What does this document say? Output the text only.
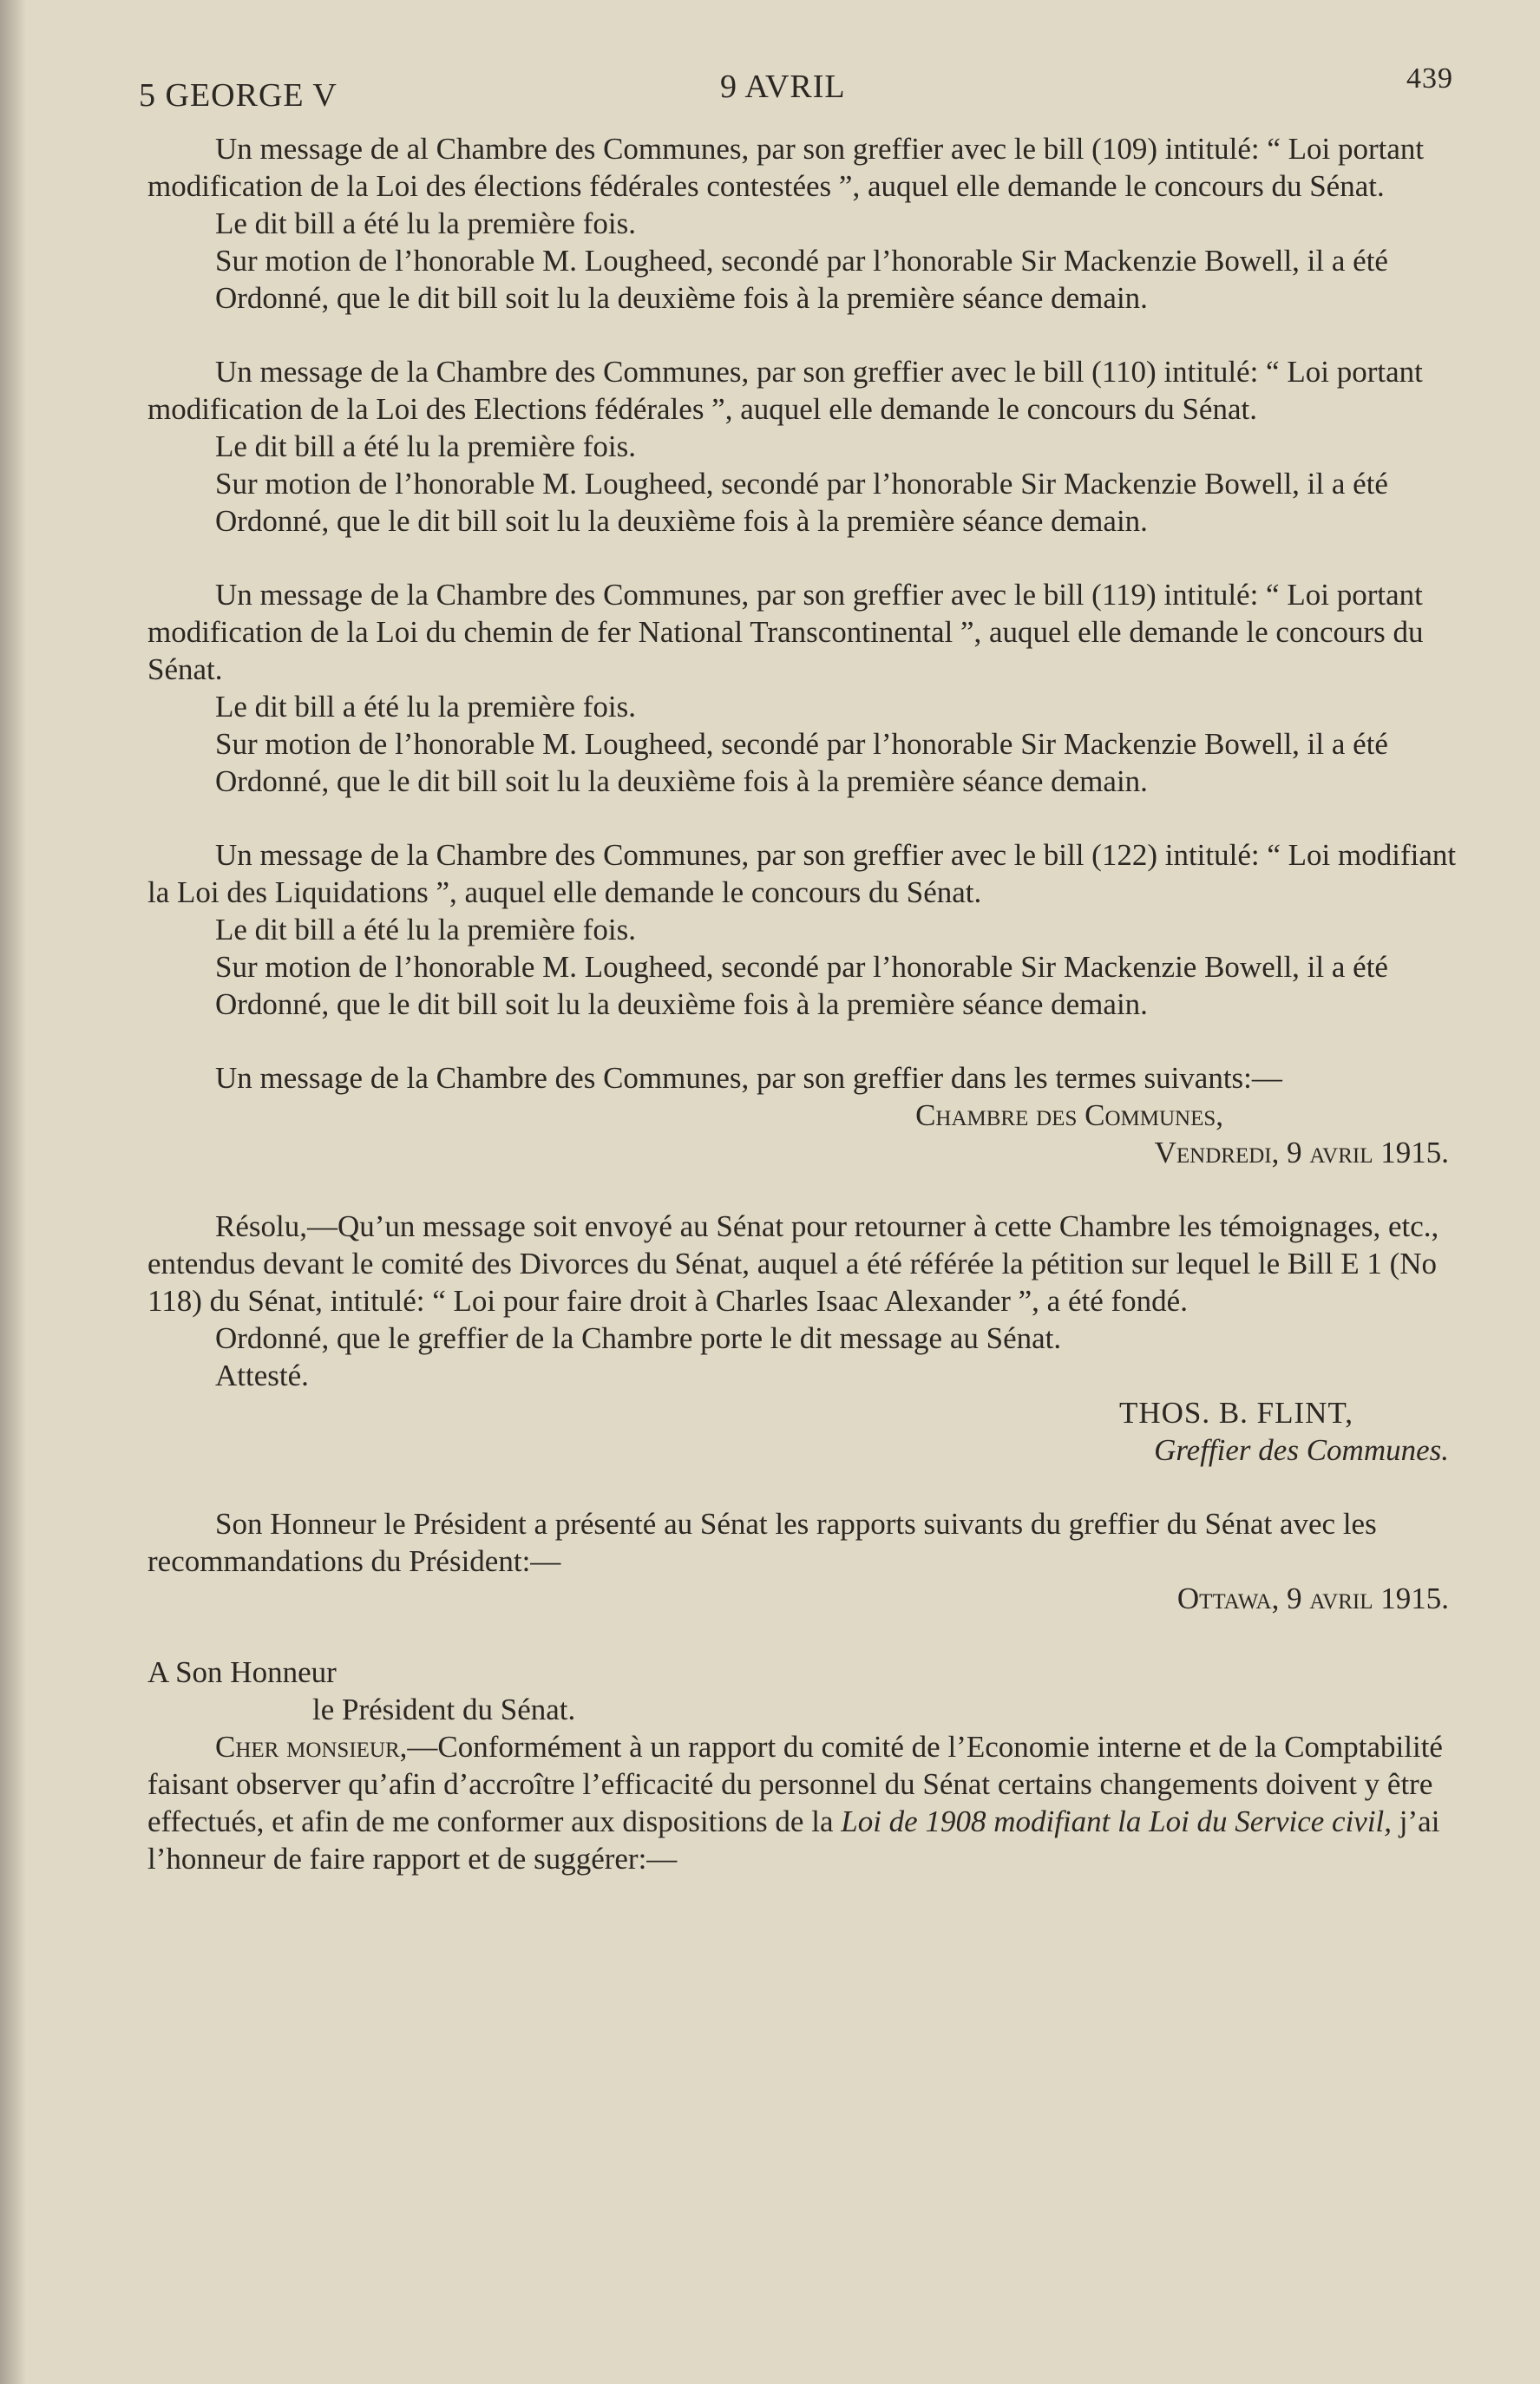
5 GEORGE V	9 AVRIL	439

Un message de al Chambre des Communes, par son greffier avec le bill (109) intitulé: “ Loi portant modification de la Loi des élections fédérales contestées ”, auquel elle demande le concours du Sénat.

Le dit bill a été lu la première fois.

Sur motion de l’honorable M. Lougheed, secondé par l’honorable Sir Mackenzie Bowell, il a été

Ordonné, que le dit bill soit lu la deuxième fois à la première séance demain.

Un message de la Chambre des Communes, par son greffier avec le bill (110) intitulé: “ Loi portant modification de la Loi des Elections fédérales ”, auquel elle demande le concours du Sénat.

Le dit bill a été lu la première fois.

Sur motion de l’honorable M. Lougheed, secondé par l’honorable Sir Mackenzie Bowell, il a été

Ordonné, que le dit bill soit lu la deuxième fois à la première séance demain.

Un message de la Chambre des Communes, par son greffier avec le bill (119) intitulé: “ Loi portant modification de la Loi du chemin de fer National Transcontinental ”, auquel elle demande le concours du Sénat.

Le dit bill a été lu la première fois.

Sur motion de l’honorable M. Lougheed, secondé par l’honorable Sir Mackenzie Bowell, il a été

Ordonné, que le dit bill soit lu la deuxième fois à la première séance demain.

Un message de la Chambre des Communes, par son greffier avec le bill (122) intitulé: “ Loi modifiant la Loi des Liquidations ”, auquel elle demande le concours du Sénat.

Le dit bill a été lu la première fois.

Sur motion de l’honorable M. Lougheed, secondé par l’honorable Sir Mackenzie Bowell, il a été

Ordonné, que le dit bill soit lu la deuxième fois à la première séance demain.

Un message de la Chambre des Communes, par son greffier dans les termes suivants:—

Chambre des Communes,

Vendredi, 9 avril 1915.

Résolu,—Qu’un message soit envoyé au Sénat pour retourner à cette Chambre les témoignages, etc., entendus devant le comité des Divorces du Sénat, auquel a été référée la pétition sur lequel le Bill E 1 (No 118) du Sénat, intitulé: “ Loi pour faire droit à Charles Isaac Alexander ”, a été fondé.

Ordonné, que le greffier de la Chambre porte le dit message au Sénat.

Attesté.

THOS. B. FLINT,

Greffier des Communes.

Son Honneur le Président a présenté au Sénat les rapports suivants du greffier du Sénat avec les recommandations du Président:—

Ottawa, 9 avril 1915.

A Son Honneur

le Président du Sénat.

Cher monsieur,—Conformément à un rapport du comité de l’Economie interne et de la Comptabilité faisant observer qu’afin d’accroître l’efficacité du personnel du Sénat certains changements doivent y être effectués, et afin de me conformer aux dispositions de la Loi de 1908 modifiant la Loi du Service civil, j’ai l’honneur de faire rapport et de suggérer:—
